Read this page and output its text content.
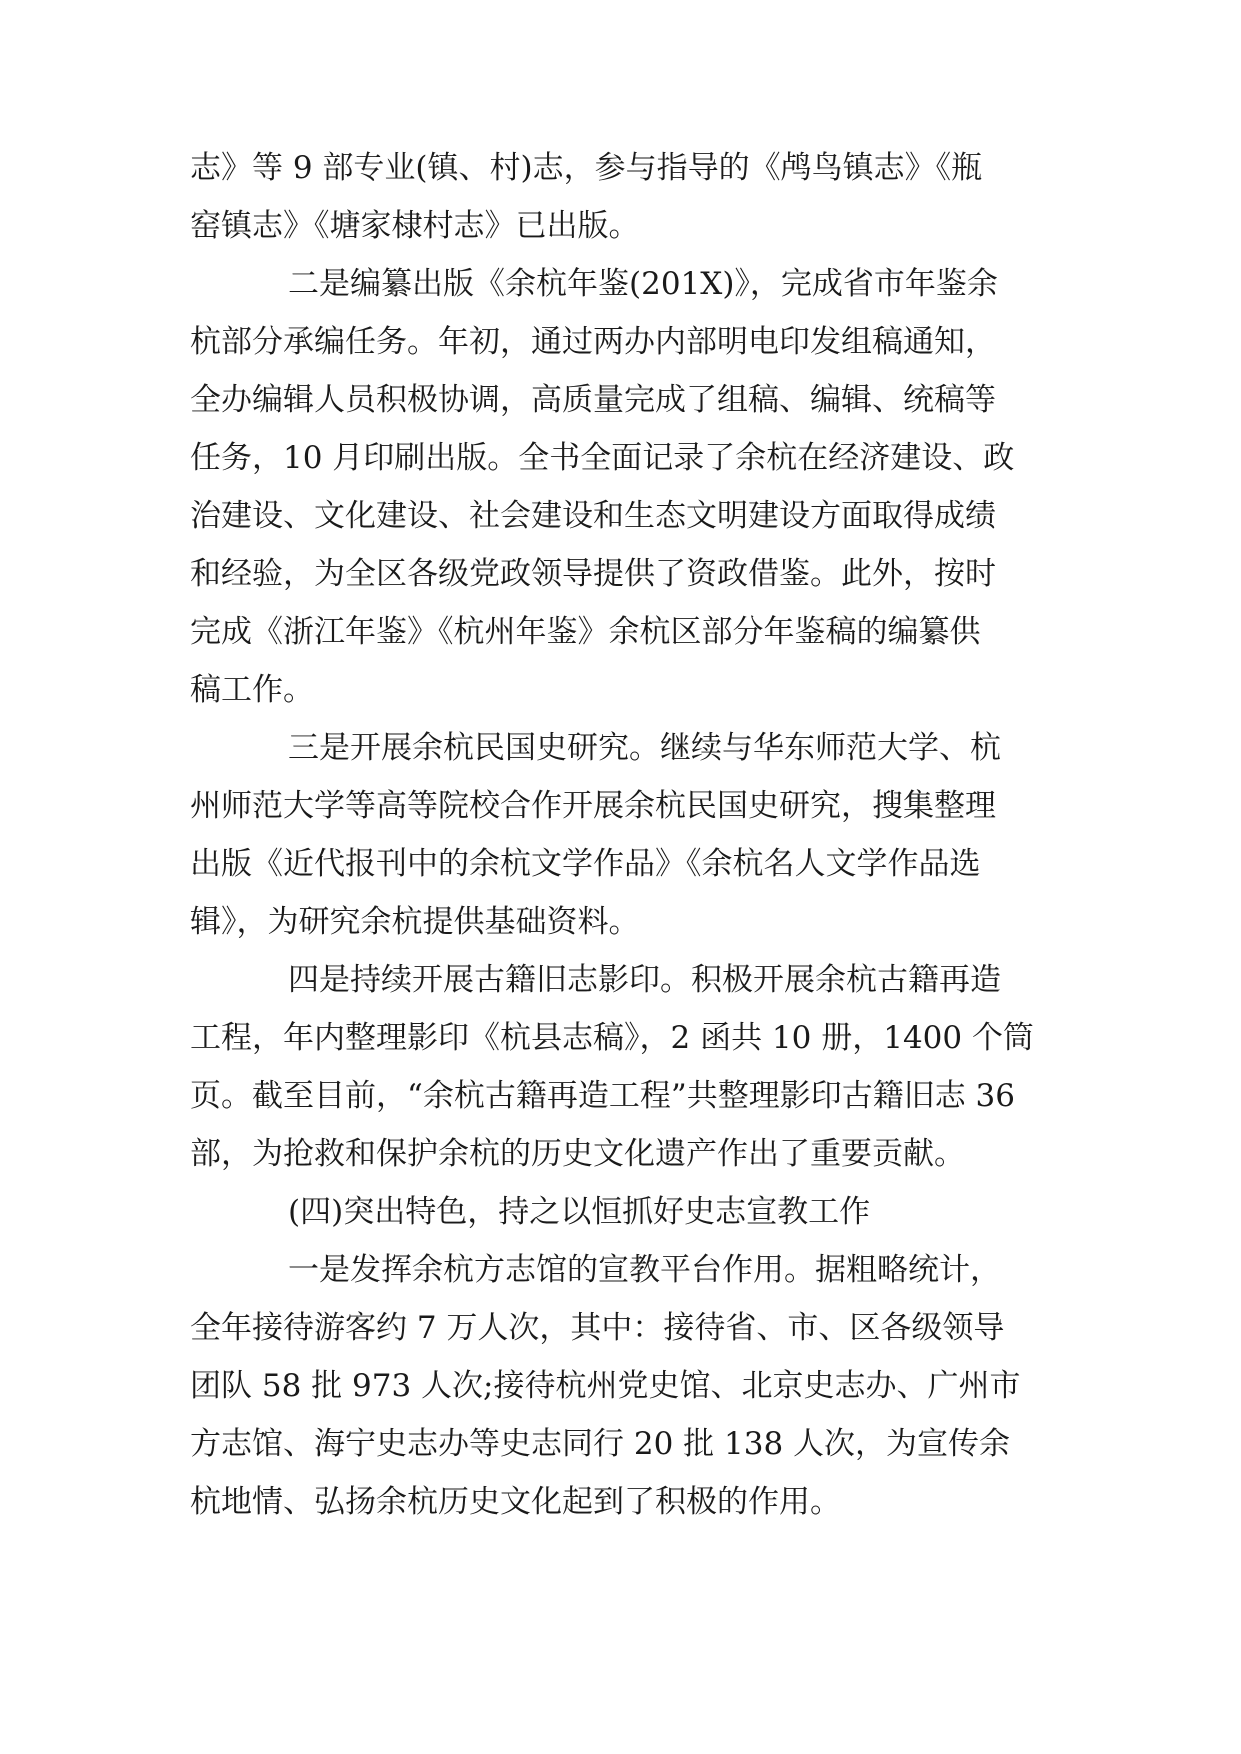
志》等 9 部专业(镇、村)志，参与指导的《鸬鸟镇志》《瓶
窑镇志》《塘家棣村志》已出版。
二是编纂出版《余杭年鉴(201X)》，完成省市年鉴余
杭部分承编任务。年初，通过两办内部明电印发组稿通知，
全办编辑人员积极协调，高质量完成了组稿、编辑、统稿等
任务，10 月印刷出版。全书全面记录了余杭在经济建设、政
治建设、文化建设、社会建设和生态文明建设方面取得成绩
和经验，为全区各级党政领导提供了资政借鉴。此外，按时
完成《浙江年鉴》《杭州年鉴》余杭区部分年鉴稿的编纂供
稿工作。
三是开展余杭民国史研究。继续与华东师范大学、杭
州师范大学等高等院校合作开展余杭民国史研究，搜集整理
出版《近代报刊中的余杭文学作品》《余杭名人文学作品选
辑》，为研究余杭提供基础资料。
四是持续开展古籍旧志影印。积极开展余杭古籍再造
工程，年内整理影印《杭县志稿》，2 函共 10 册，1400 个筒
页。截至目前，“余杭古籍再造工程”共整理影印古籍旧志 36
部，为抢救和保护余杭的历史文化遗产作出了重要贡献。
(四)突出特色，持之以恒抓好史志宣教工作
一是发挥余杭方志馆的宣教平台作用。据粗略统计，
全年接待游客约 7 万人次，其中：接待省、市、区各级领导
团队 58 批 973 人次;接待杭州党史馆、北京史志办、广州市
方志馆、海宁史志办等史志同行 20 批 138 人次，为宣传余
杭地情、弘扬余杭历史文化起到了积极的作用。
